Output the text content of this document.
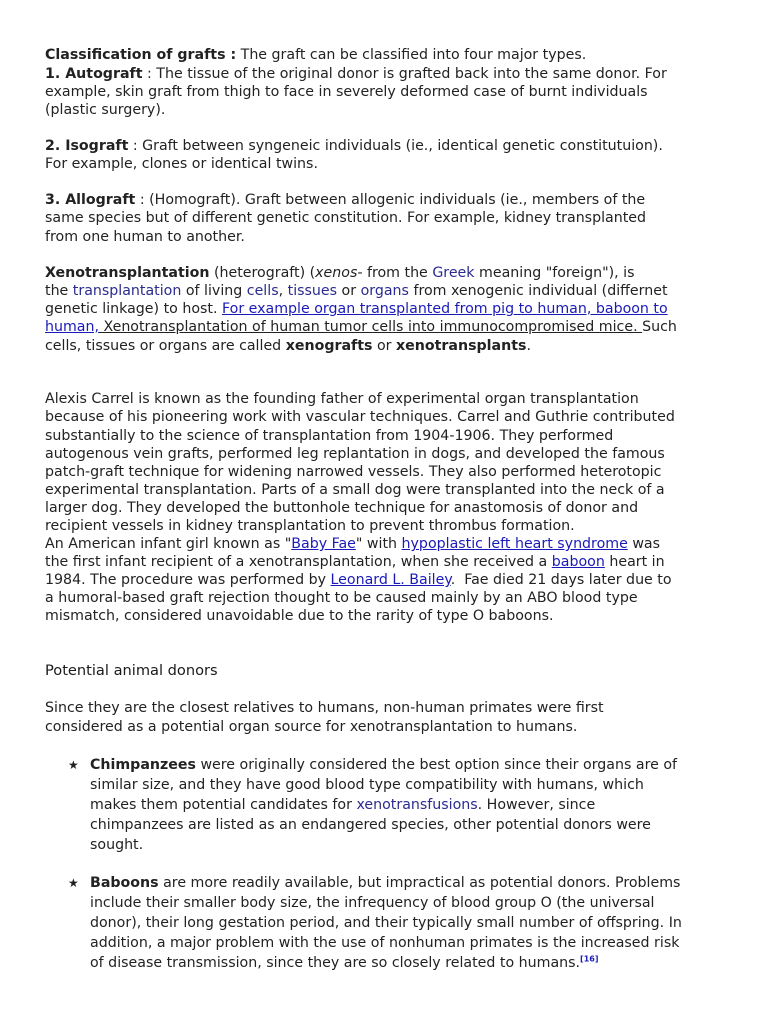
Classification of grafts : The graft can be classified into four major types.
1. Autograft : The tissue of the original donor is grafted back into the same donor. For
example, skin graft from thigh to face in severely deformed case of burnt individuals
(plastic surgery).
2. Isograft : Graft between syngeneic individuals (ie., identical genetic constitutuion).
For example, clones or identical twins.
3. Allograft : (Homograft). Graft between allogenic individuals (ie., members of the
same species but of different genetic constitution. For example, kidney transplanted
from one human to another.
Xenotransplantation (heterograft) (xenos- from the Greek meaning "foreign"), is
the transplantation of living cells, tissues or organs from xenogenic individual (differnet
genetic linkage) to host. For example organ transplanted from pig to human, baboon to
human, Xenotransplantation of human tumor cells into immunocompromised mice. Such
cells, tissues or organs are called xenografts or xenotransplants.
Alexis Carrel is known as the founding father of experimental organ transplantation
because of his pioneering work with vascular techniques. Carrel and Guthrie contributed
substantially to the science of transplantation from 1904-1906. They performed
autogenous vein grafts, performed leg replantation in dogs, and developed the famous
patch-graft technique for widening narrowed vessels. They also performed heterotopic
experimental transplantation. Parts of a small dog were transplanted into the neck of a
larger dog. They developed the buttonhole technique for anastomosis of donor and
recipient vessels in kidney transplantation to prevent thrombus formation.
An American infant girl known as "Baby Fae" with hypoplastic left heart syndrome was
the first infant recipient of a xenotransplantation, when she received a baboon heart in
1984. The procedure was performed by Leonard L. Bailey.  Fae died 21 days later due to
a humoral-based graft rejection thought to be caused mainly by an ABO blood type
mismatch, considered unavoidable due to the rarity of type O baboons.
Potential animal donors
Since they are the closest relatives to humans, non-human primates were first
considered as a potential organ source for xenotransplantation to humans.
★ Chimpanzees were originally considered the best option since their organs are of
similar size, and they have good blood type compatibility with humans, which
makes them potential candidates for xenotransfusions. However, since
chimpanzees are listed as an endangered species, other potential donors were
sought.
★ Baboons are more readily available, but impractical as potential donors. Problems
include their smaller body size, the infrequency of blood group O (the universal
donor), their long gestation period, and their typically small number of offspring. In
addition, a major problem with the use of nonhuman primates is the increased risk
of disease transmission, since they are so closely related to humans.[16]
